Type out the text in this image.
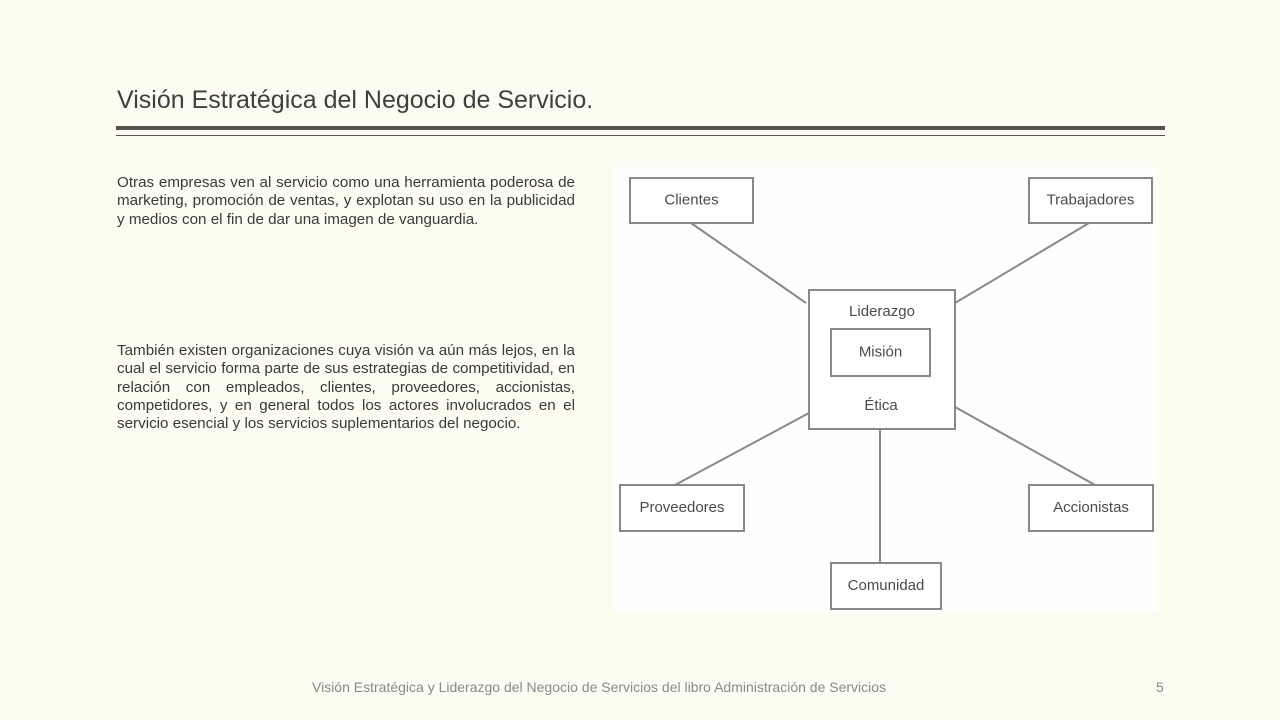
Visión Estratégica del Negocio de Servicio.

Otras empresas ven al servicio como una herramienta poderosa de marketing, promoción de ventas, y explotan su uso en la publicidad y medios con el fin de dar una imagen de vanguardia.

También existen organizaciones cuya visión va aún más lejos, en la cual el servicio forma parte de sus estrategias de competitividad, en relación con empleados, clientes, proveedores, accionistas, competidores, y en general todos los actores involucrados en el servicio esencial y los servicios suplementarios del negocio.

Clientes	Trabajadores
Liderazgo
Misión
Ética
Proveedores	Accionistas
Comunidad
Visión Estratégica y Liderazgo del Negocio de Servicios del libro Administración de Servicios	5
